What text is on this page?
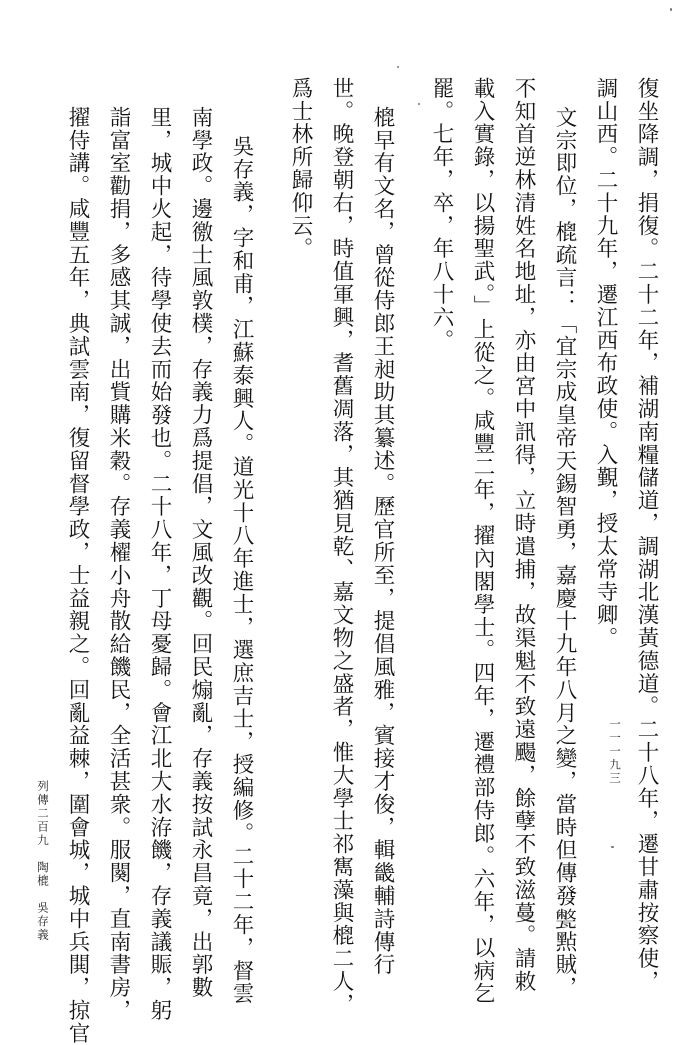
復坐降調，捐復。二十二年，補湖南糧儲道，調湖北漢黃德道。二十八年，遷甘肅按察使，
調山西。二十九年，遷江西布政使。入覲，授太常寺卿。
文宗即位，㮰疏言：「宜宗成皇帝天錫智勇，嘉慶十九年八月之變，當時但傳發𤮕㸃賊，
不知首逆林清姓名地址，亦由宮中訊得，立時遣捕，故渠魁不致遠颺，餘孽不致滋蔓。請敕
載入實錄，以揚聖武。」上從之。咸豐二年，擢內閣學士。四年，遷禮部侍郎。六年，以病乞
罷。七年，卒，年八十六。
㮰早有文名，曾從侍郎王昶助其纂述。歷官所至，提倡風雅，賓接才俊，輯畿輔詩傳行
世。晚登朝右，時值軍興，耆舊凋落，其猶見乾、嘉文物之盛者，惟大學士祁寯藻與㮰二人，
爲士林所歸仰云。
吳存義，字和甫，江蘇泰興人。道光十八年進士，選庶吉士，授編修。二十二年，督雲
南學政。邊徼士風敦樸，存義力爲提倡，文風改觀。回民煽亂，存義按試永昌竟，出郭數
里，城中火起，待學使去而始發也。二十八年，丁母憂歸。會江北大水洊饑，存義議賑，躬
詣富室勸捐，多感其誠，出貲購米穀。存義櫂小舟散給饑民，全活甚衆。服闋，直南書房，
擢侍講。咸豐五年，典試雲南，復留督學政，士益親之。回亂益棘，圍會城，城中兵閧，掠官
列傳二百九　陶㮰　吳存義
一一一九三
